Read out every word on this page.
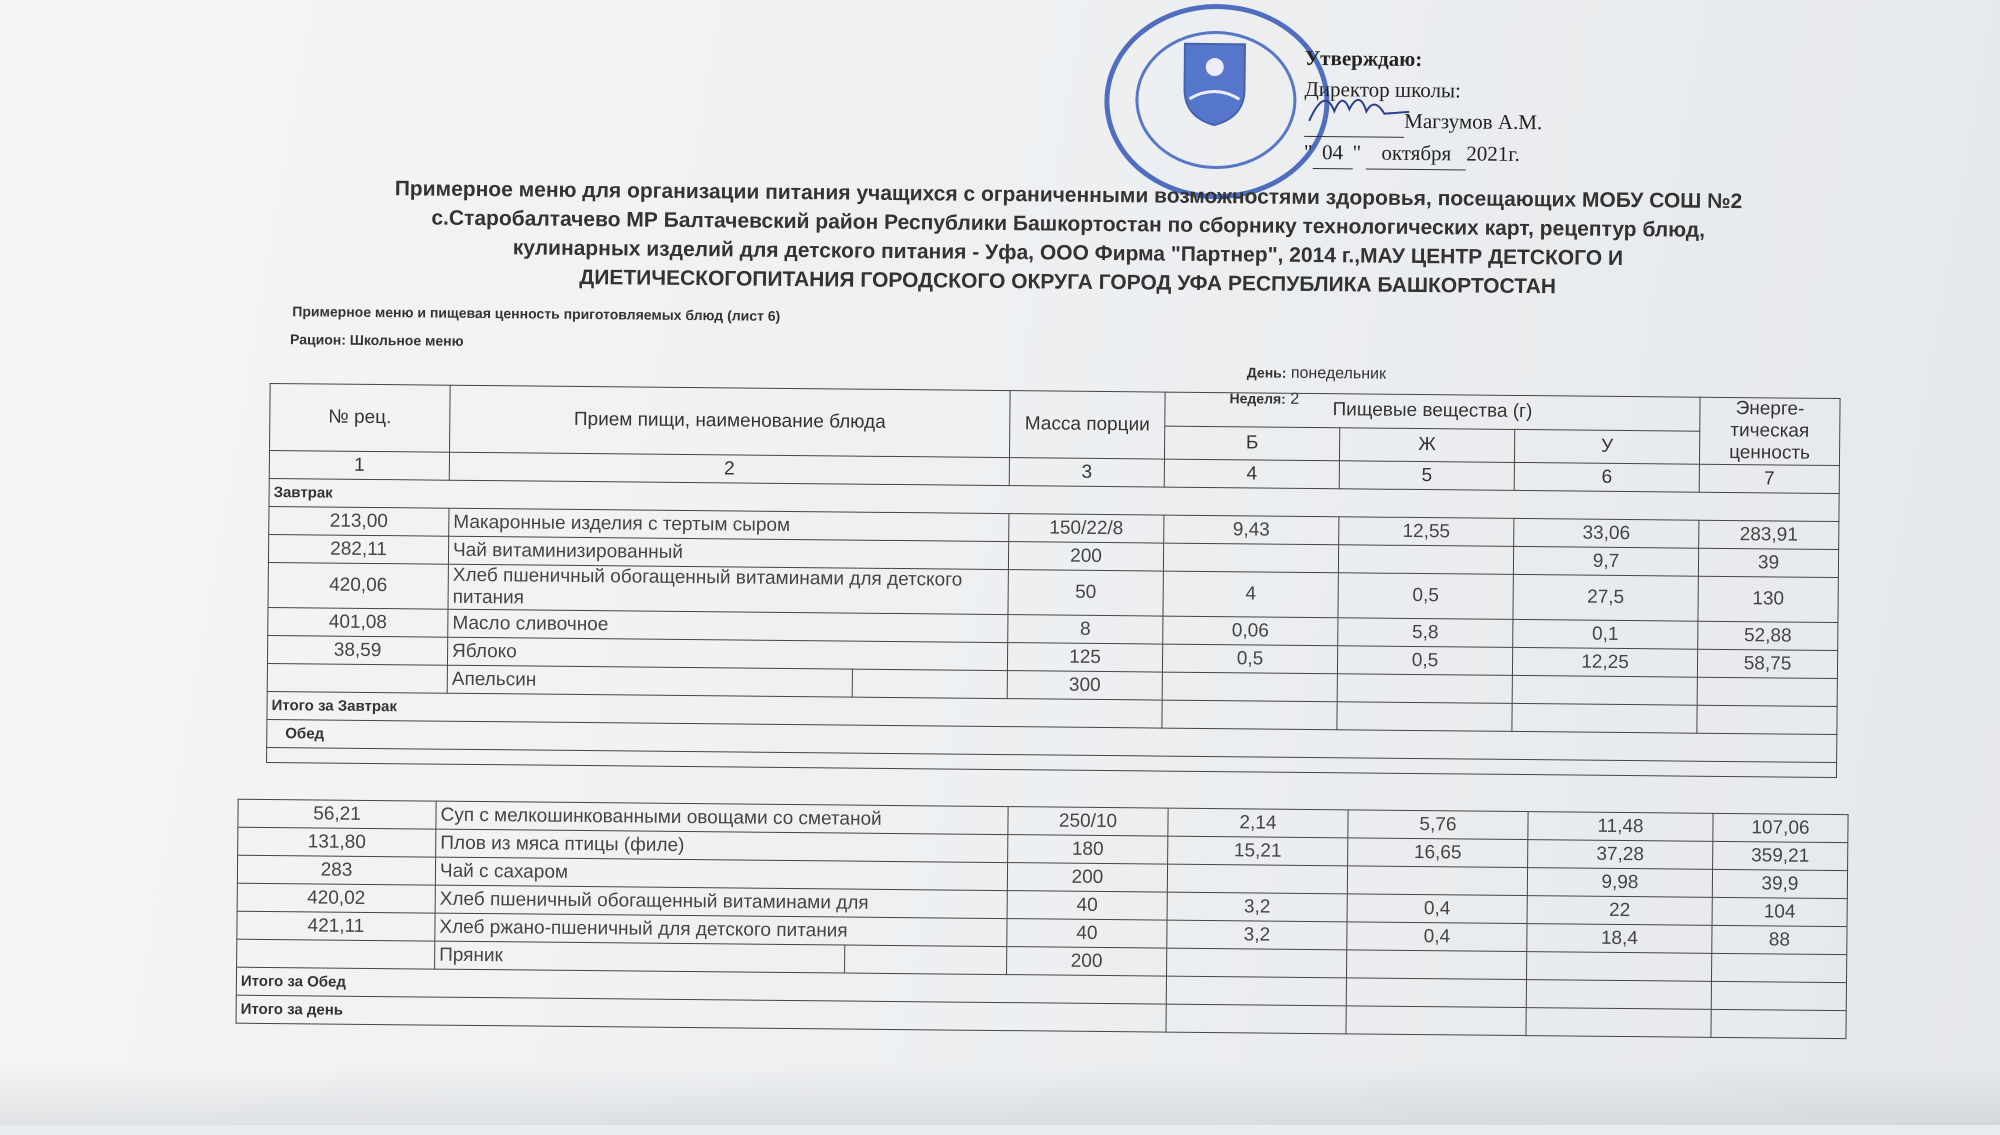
Утверждаю:
Директор школы:
Магзумов А.М.
" 04 " октября 2021г.
Примерное меню для организации питания учащихся с ограниченными возможностями здоровья, посещающих МОБУ СОШ №2
с.Старобалтачево МР Балтачевский район Республики Башкортостан по сборнику технологических карт, рецептур блюд,
кулинарных изделий для детского питания - Уфа, ООО Фирма "Партнер", 2014 г.,МАУ ЦЕНТР ДЕТСКОГО И
ДИЕТИЧЕСКОГОПИТАНИЯ ГОРОДСКОГО ОКРУГА ГОРОД УФА РЕСПУБЛИКА БАШКОРТОСТАН
Примерное меню и пищевая ценность приготовляемых блюд (лист 6)
Рацион: Школьное меню
День: понедельник
Неделя: 2
№ рец.	Прием пищи, наименование блюда		Масса порции	Пищевые вещества (г)			Энерге-тическая ценность
				Б	Ж	У	
1	2		3	4	5	6	7
Завтрак							
213,00	Макаронные изделия с тертым сыром		150/22/8	9,43	12,55	33,06	283,91
282,11	Чай витаминизированный		200			9,7	39
420,06	Хлеб пшеничный обогащенный витаминами для детского питания		50	4	0,5	27,5	130
401,08	Масло сливочное		8	0,06	5,8	0,1	52,88
38,59	Яблоко		125	0,5	0,5	12,25	58,75
	Апельсин		300				
Итого за Завтрак							
Обед							

56,21	Суп с мелкошинкованными овощами со сметаной		250/10	2,14	5,76	11,48	107,06
131,80	Плов из мяса птицы (филе)		180	15,21	16,65	37,28	359,21
283	Чай с сахаром		200			9,98	39,9
420,02	Хлеб пшеничный обогащенный витаминами для		40	3,2	0,4	22	104
421,11	Хлеб ржано-пшеничный для детского питания		40	3,2	0,4	18,4	88
	Пряник		200				
Итого за Обед							
Итого за день							
